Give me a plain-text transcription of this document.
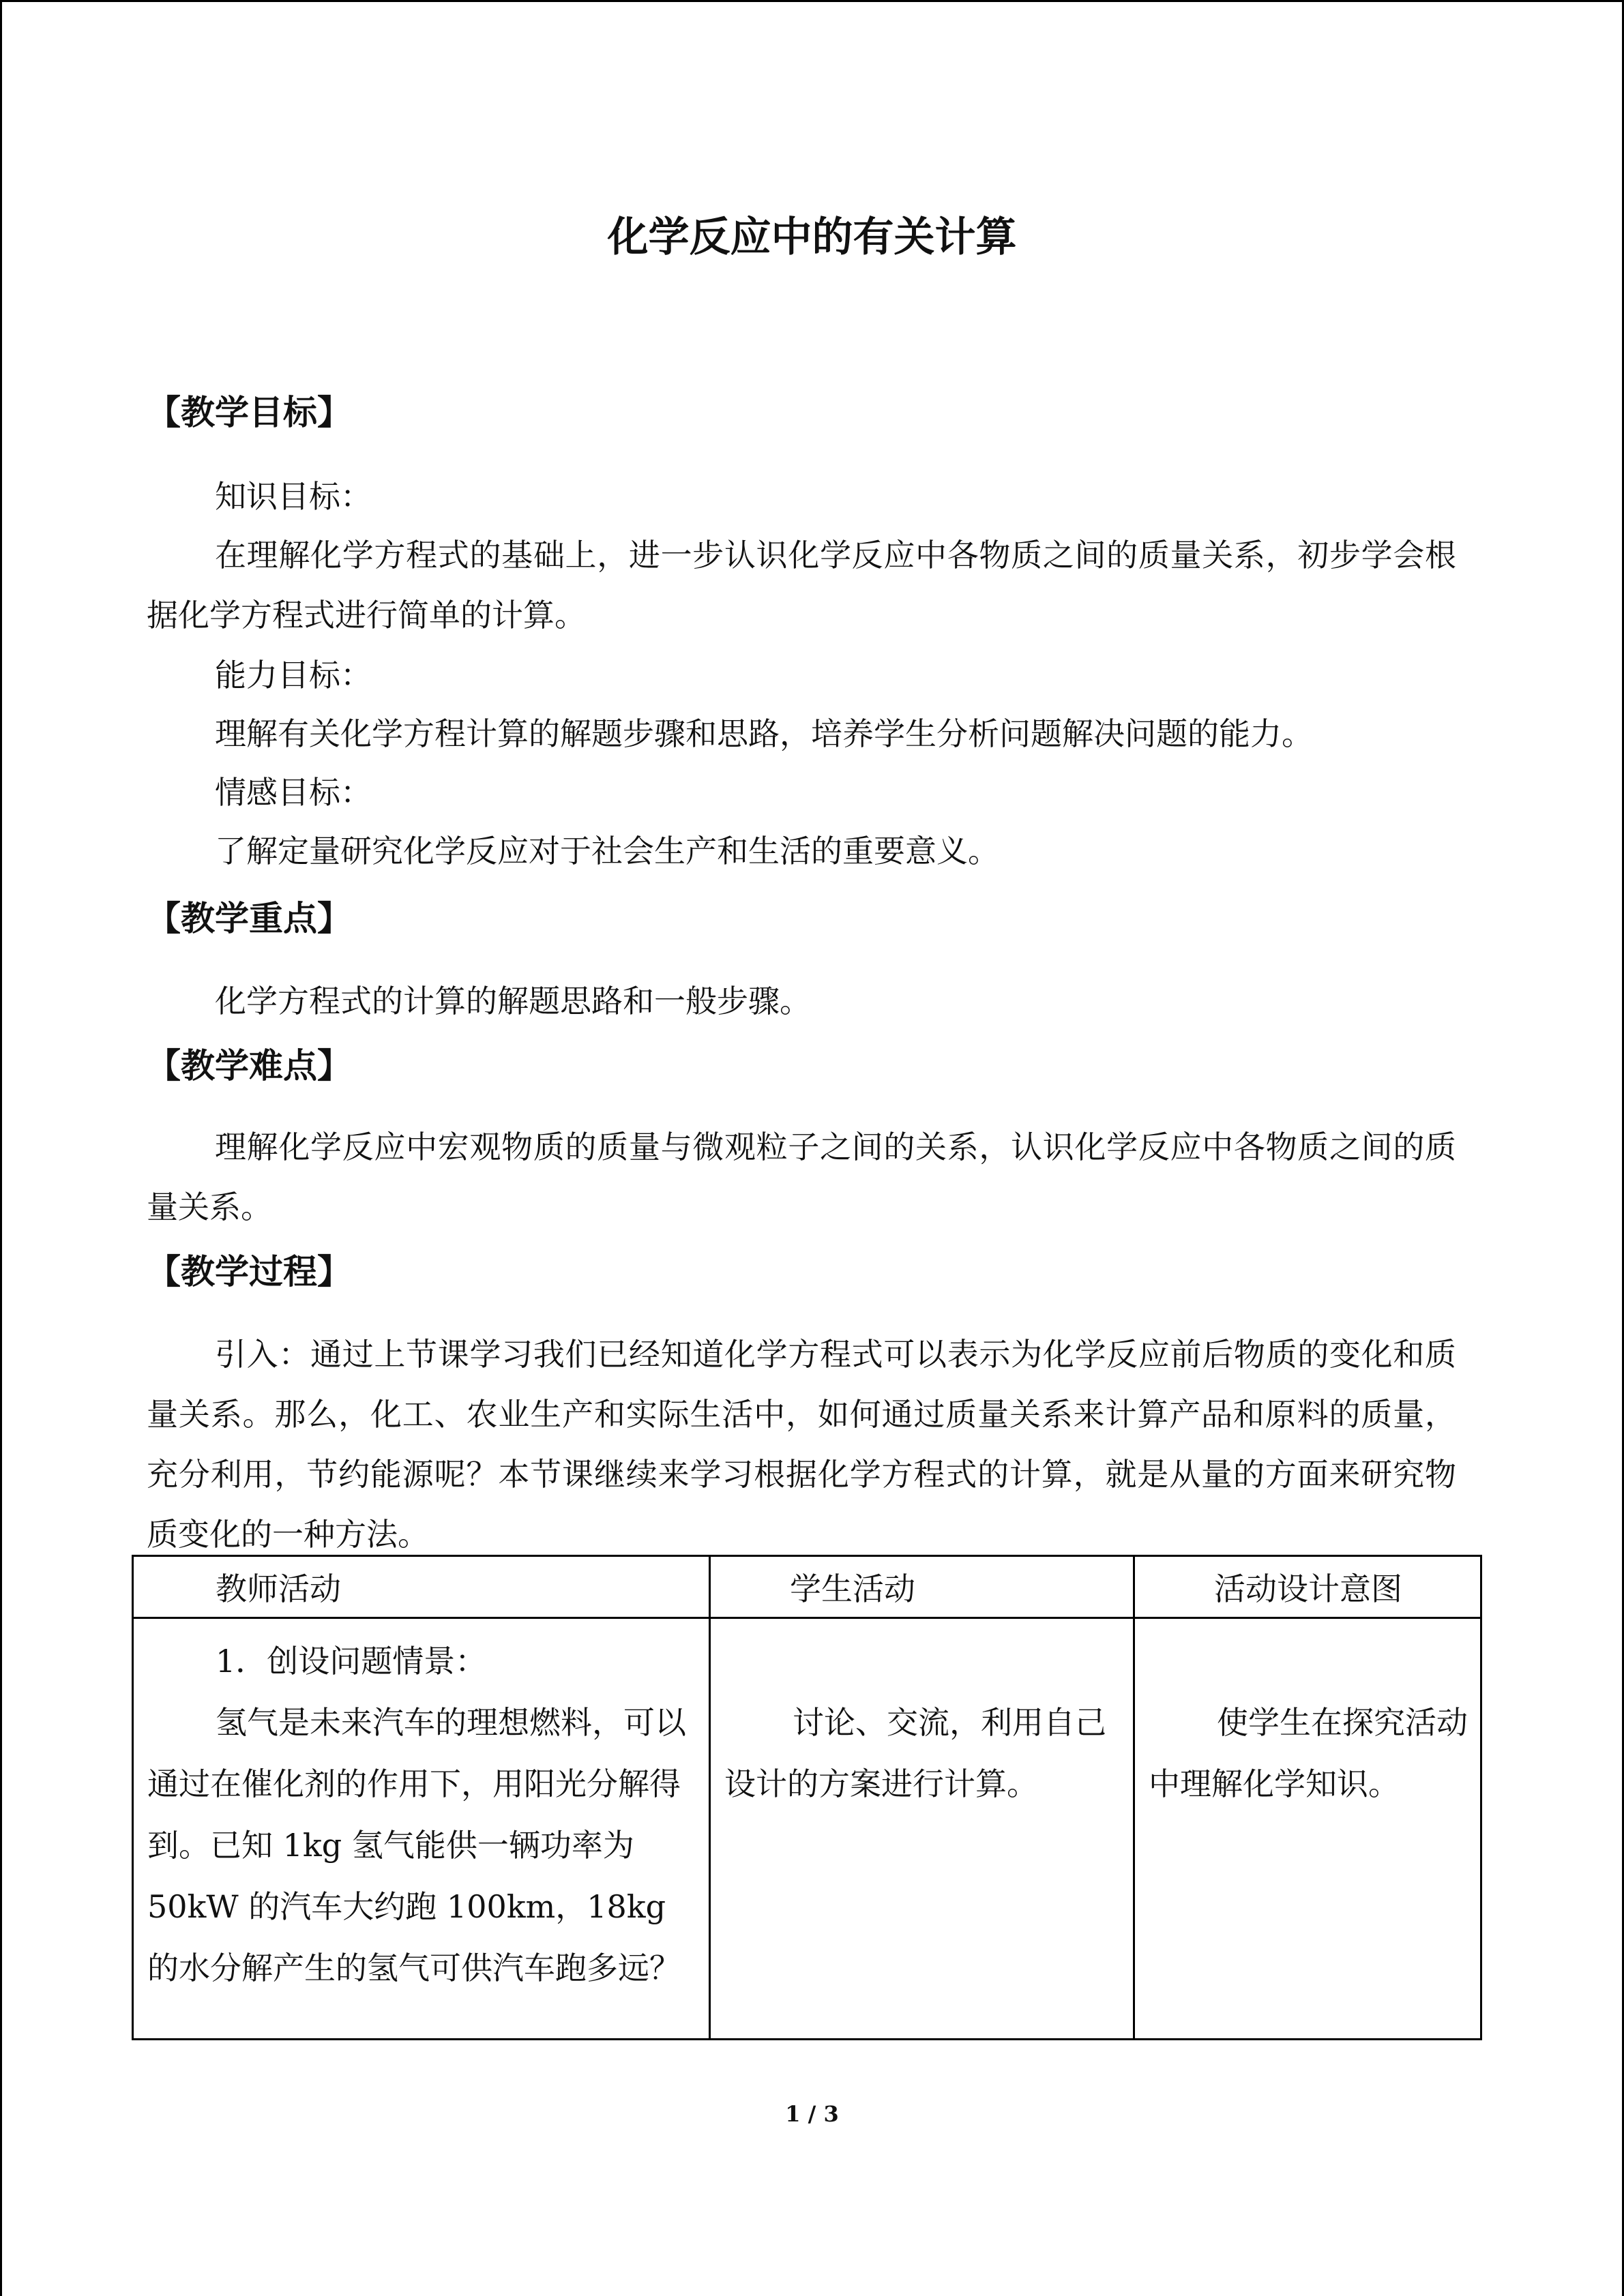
化学反应中的有关计算
【教学目标】

知识目标：

在理解化学方程式的基础上，进一步认识化学反应中各物质之间的质量关系，初步学会根据化学方程式进行简单的计算。

能力目标：

理解有关化学方程计算的解题步骤和思路，培养学生分析问题解决问题的能力。

情感目标：

了解定量研究化学反应对于社会生产和生活的重要意义。

【教学重点】

化学方程式的计算的解题思路和一般步骤。

【教学难点】

理解化学反应中宏观物质的质量与微观粒子之间的关系，认识化学反应中各物质之间的质量关系。

【教学过程】

引入：通过上节课学习我们已经知道化学方程式可以表示为化学反应前后物质的变化和质量关系。那么，化工、农业生产和实际生活中，如何通过质量关系来计算产品和原料的质量，充分利用，节约能源呢？本节课继续来学习根据化学方程式的计算，就是从量的方面来研究物质变化的一种方法。

教师活动	学生活动	活动设计意图

1．创设问题情景：

氢气是未来汽车的理想燃料，可以通过在催化剂的作用下，用阳光分解得到。已知 1kg 氢气能供一辆功率为 50kW 的汽车大约跑 100km，18kg 的水分解产生的氢气可供汽车跑多远？

讨论、交流，利用自己设计的方案进行计算。

使学生在探究活动中理解化学知识。

1 / 3
